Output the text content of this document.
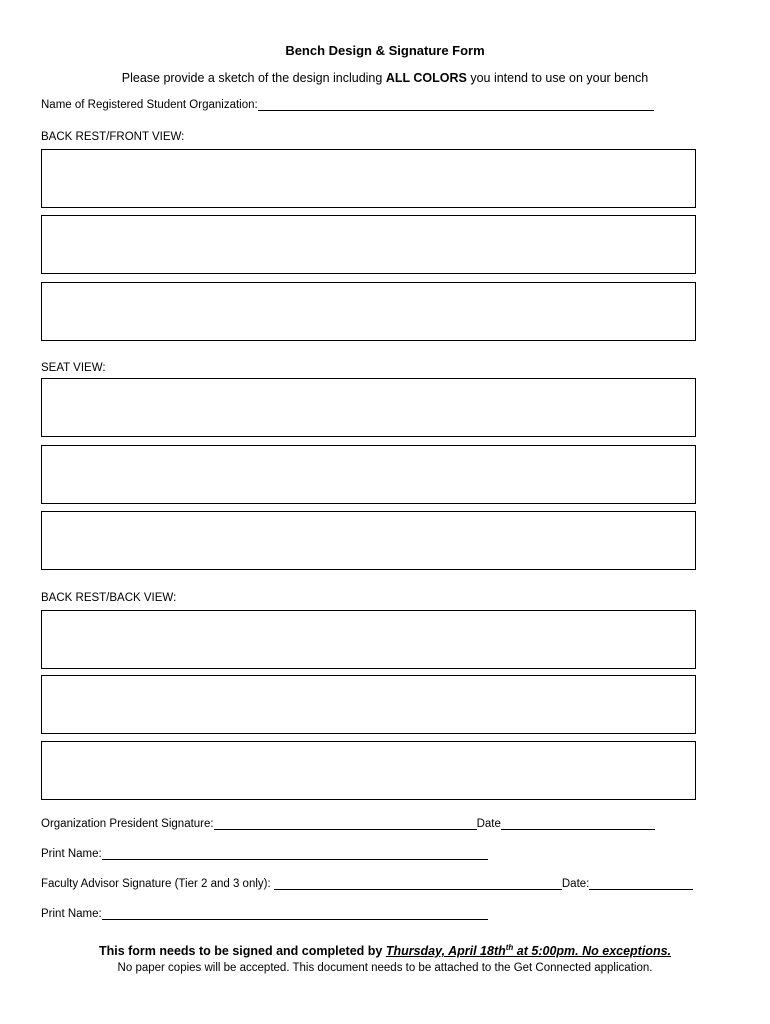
Bench Design & Signature Form
Please provide a sketch of the design including ALL COLORS you intend to use on your bench
Name of Registered Student Organization:
BACK REST/FRONT VIEW:
SEAT VIEW:
BACK REST/BACK VIEW:
Organization President Signature:	Date
Print Name:
Faculty Advisor Signature (Tier 2 and 3 only):	Date:
Print Name:
This form needs to be signed and completed by Thursday, April $18th^{th}$ at 5:00pm. No exceptions.
No paper copies will be accepted. This document needs to be attached to the Get Connected application.
